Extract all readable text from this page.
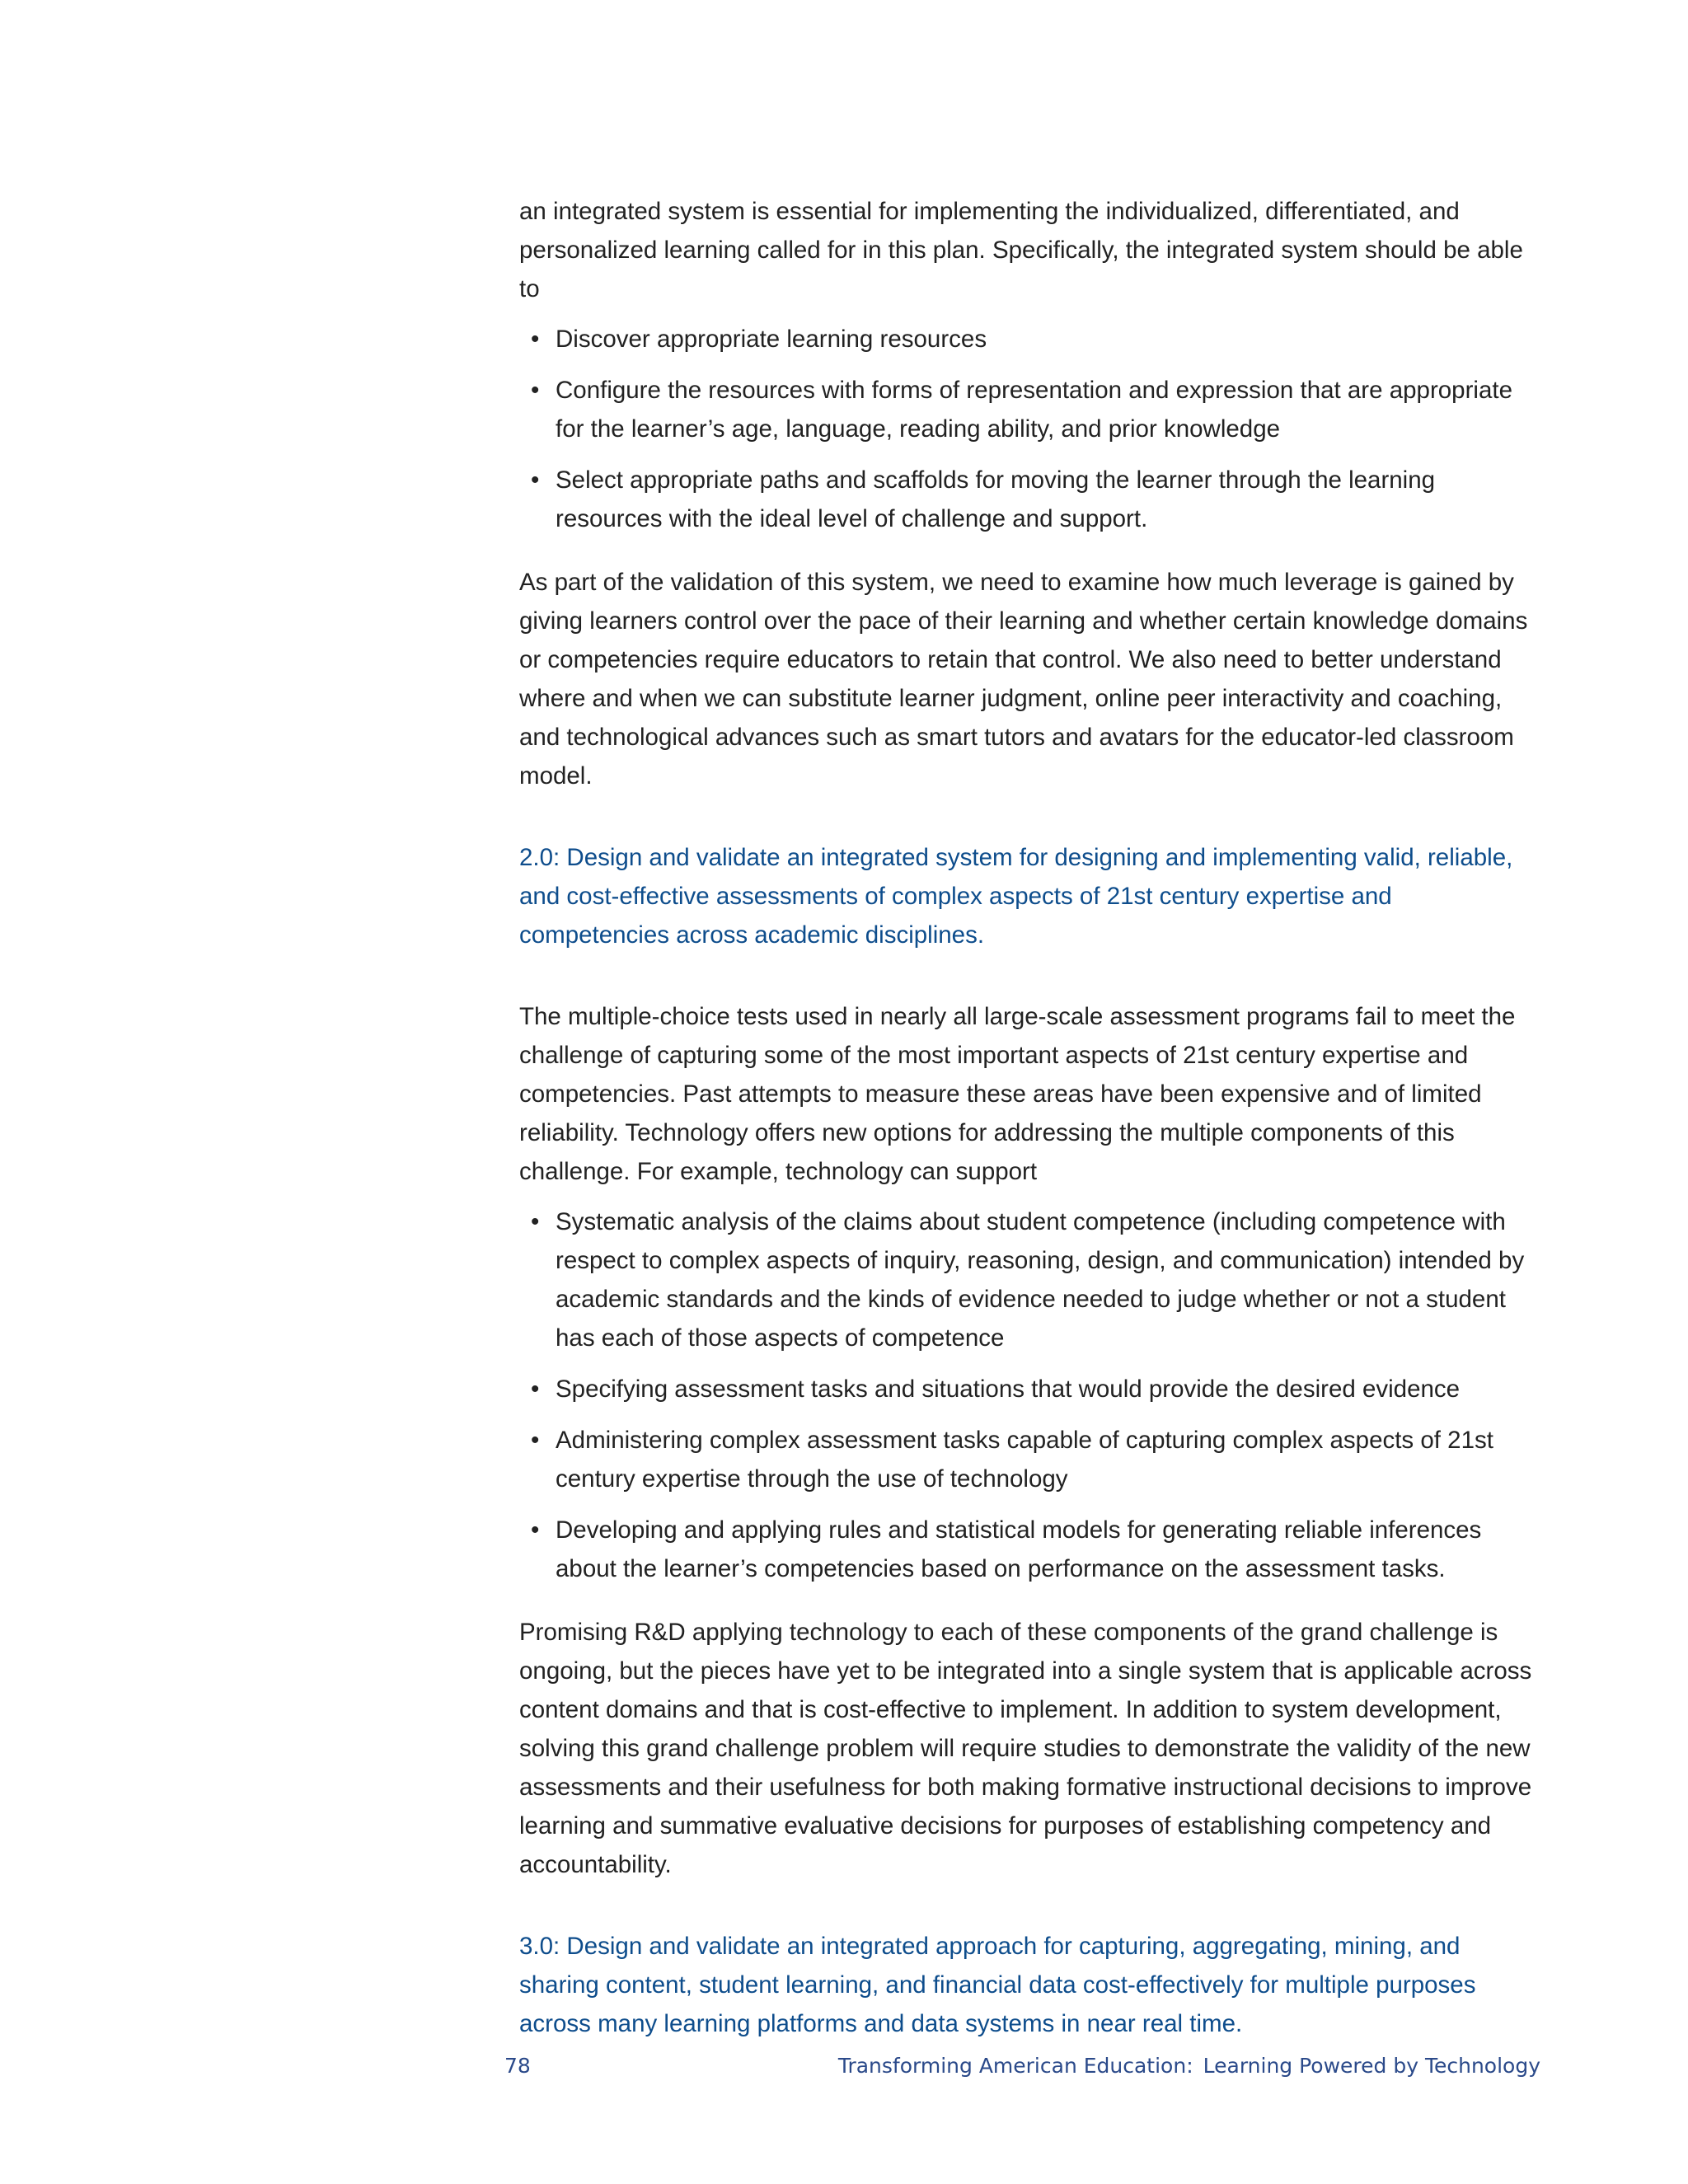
an integrated system is essential for implementing the individualized, differentiated, and personalized learning called for in this plan. Specifically, the integrated system should be able to

• Discover appropriate learning resources
• Configure the resources with forms of representation and expression that are appropriate for the learner’s age, language, reading ability, and prior knowledge
• Select appropriate paths and scaffolds for moving the learner through the learning resources with the ideal level of challenge and support.

As part of the validation of this system, we need to examine how much leverage is gained by giving learners control over the pace of their learning and whether certain knowledge domains or competencies require educators to retain that control. We also need to better understand where and when we can substitute learner judgment, online peer interactivity and coaching, and technological advances such as smart tutors and avatars for the educator-led classroom model.

2.0: Design and validate an integrated system for designing and implementing valid, reliable, and cost-effective assessments of complex aspects of 21st century expertise and competencies across academic disciplines.

The multiple-choice tests used in nearly all large-scale assessment programs fail to meet the challenge of capturing some of the most important aspects of 21st century expertise and competencies. Past attempts to measure these areas have been expensive and of limited reliability. Technology offers new options for addressing the multiple components of this challenge. For example, technology can support

• Systematic analysis of the claims about student competence (including competence with respect to complex aspects of inquiry, reasoning, design, and communication) intended by academic standards and the kinds of evidence needed to judge whether or not a student has each of those aspects of competence
• Specifying assessment tasks and situations that would provide the desired evidence
• Administering complex assessment tasks capable of capturing complex aspects of 21st century expertise through the use of technology
• Developing and applying rules and statistical models for generating reliable inferences about the learner’s competencies based on performance on the assessment tasks.

Promising R&D applying technology to each of these components of the grand challenge is ongoing, but the pieces have yet to be integrated into a single system that is applicable across content domains and that is cost-effective to implement. In addition to system development, solving this grand challenge problem will require studies to demonstrate the validity of the new assessments and their usefulness for both making formative instructional decisions to improve learning and summative evaluative decisions for purposes of establishing competency and accountability.

3.0: Design and validate an integrated approach for capturing, aggregating, mining, and sharing content, student learning, and financial data cost-effectively for multiple purposes across many learning platforms and data systems in near real time.

78	Transforming American Education: Learning Powered by Technology
